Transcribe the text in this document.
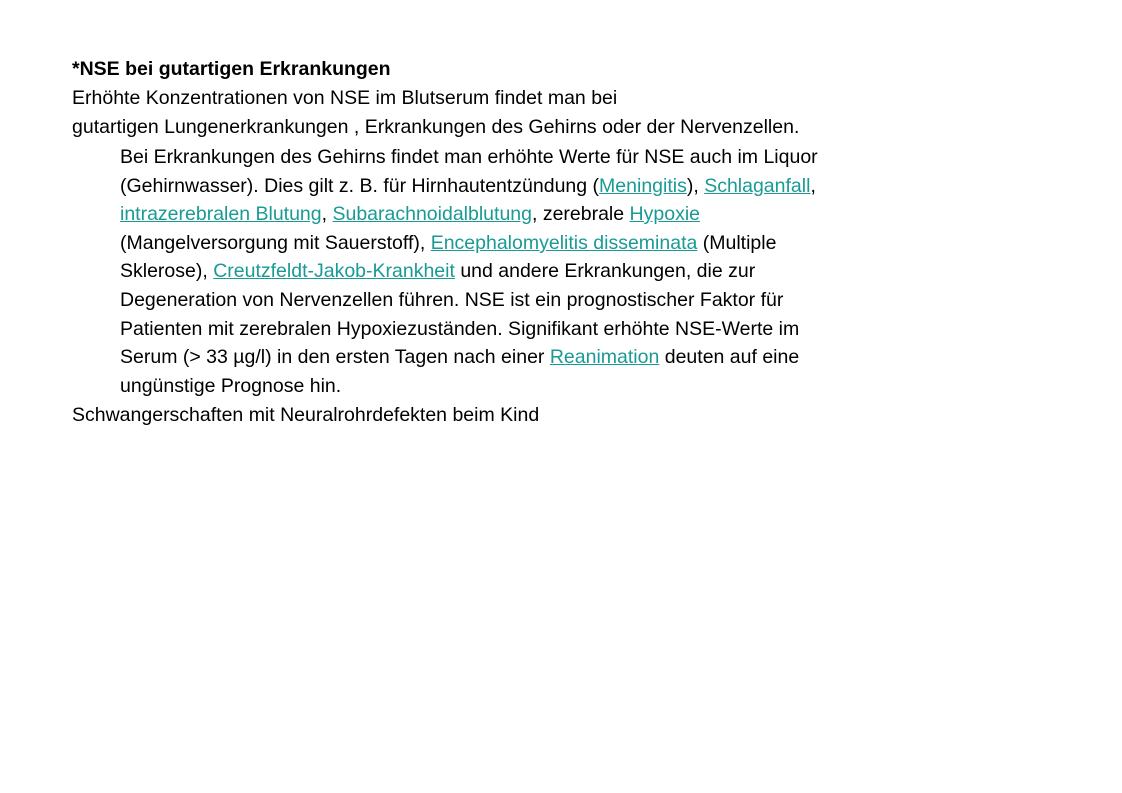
*NSE bei gutartigen Erkrankungen
Erhöhte Konzentrationen von NSE im Blutserum findet man bei
gutartigen Lungenerkrankungen , Erkrankungen des Gehirns oder der Nervenzellen.
Bei Erkrankungen des Gehirns findet man erhöhte Werte für NSE auch im Liquor
(Gehirnwasser). Dies gilt z. B. für Hirnhautentzündung (Meningitis), Schlaganfall,
intrazerebralen Blutung, Subarachnoidalblutung, zerebrale Hypoxie
(Mangelversorgung mit Sauerstoff), Encephalomyelitis disseminata (Multiple
Sklerose), Creutzfeldt-Jakob-Krankheit und andere Erkrankungen, die zur
Degeneration von Nervenzellen führen. NSE ist ein prognostischer Faktor für
Patienten mit zerebralen Hypoxiezuständen. Signifikant erhöhte NSE-Werte im
Serum (> 33 µg/l) in den ersten Tagen nach einer Reanimation deuten auf eine
ungünstige Prognose hin.
Schwangerschaften mit Neuralrohrdefekten beim Kind
